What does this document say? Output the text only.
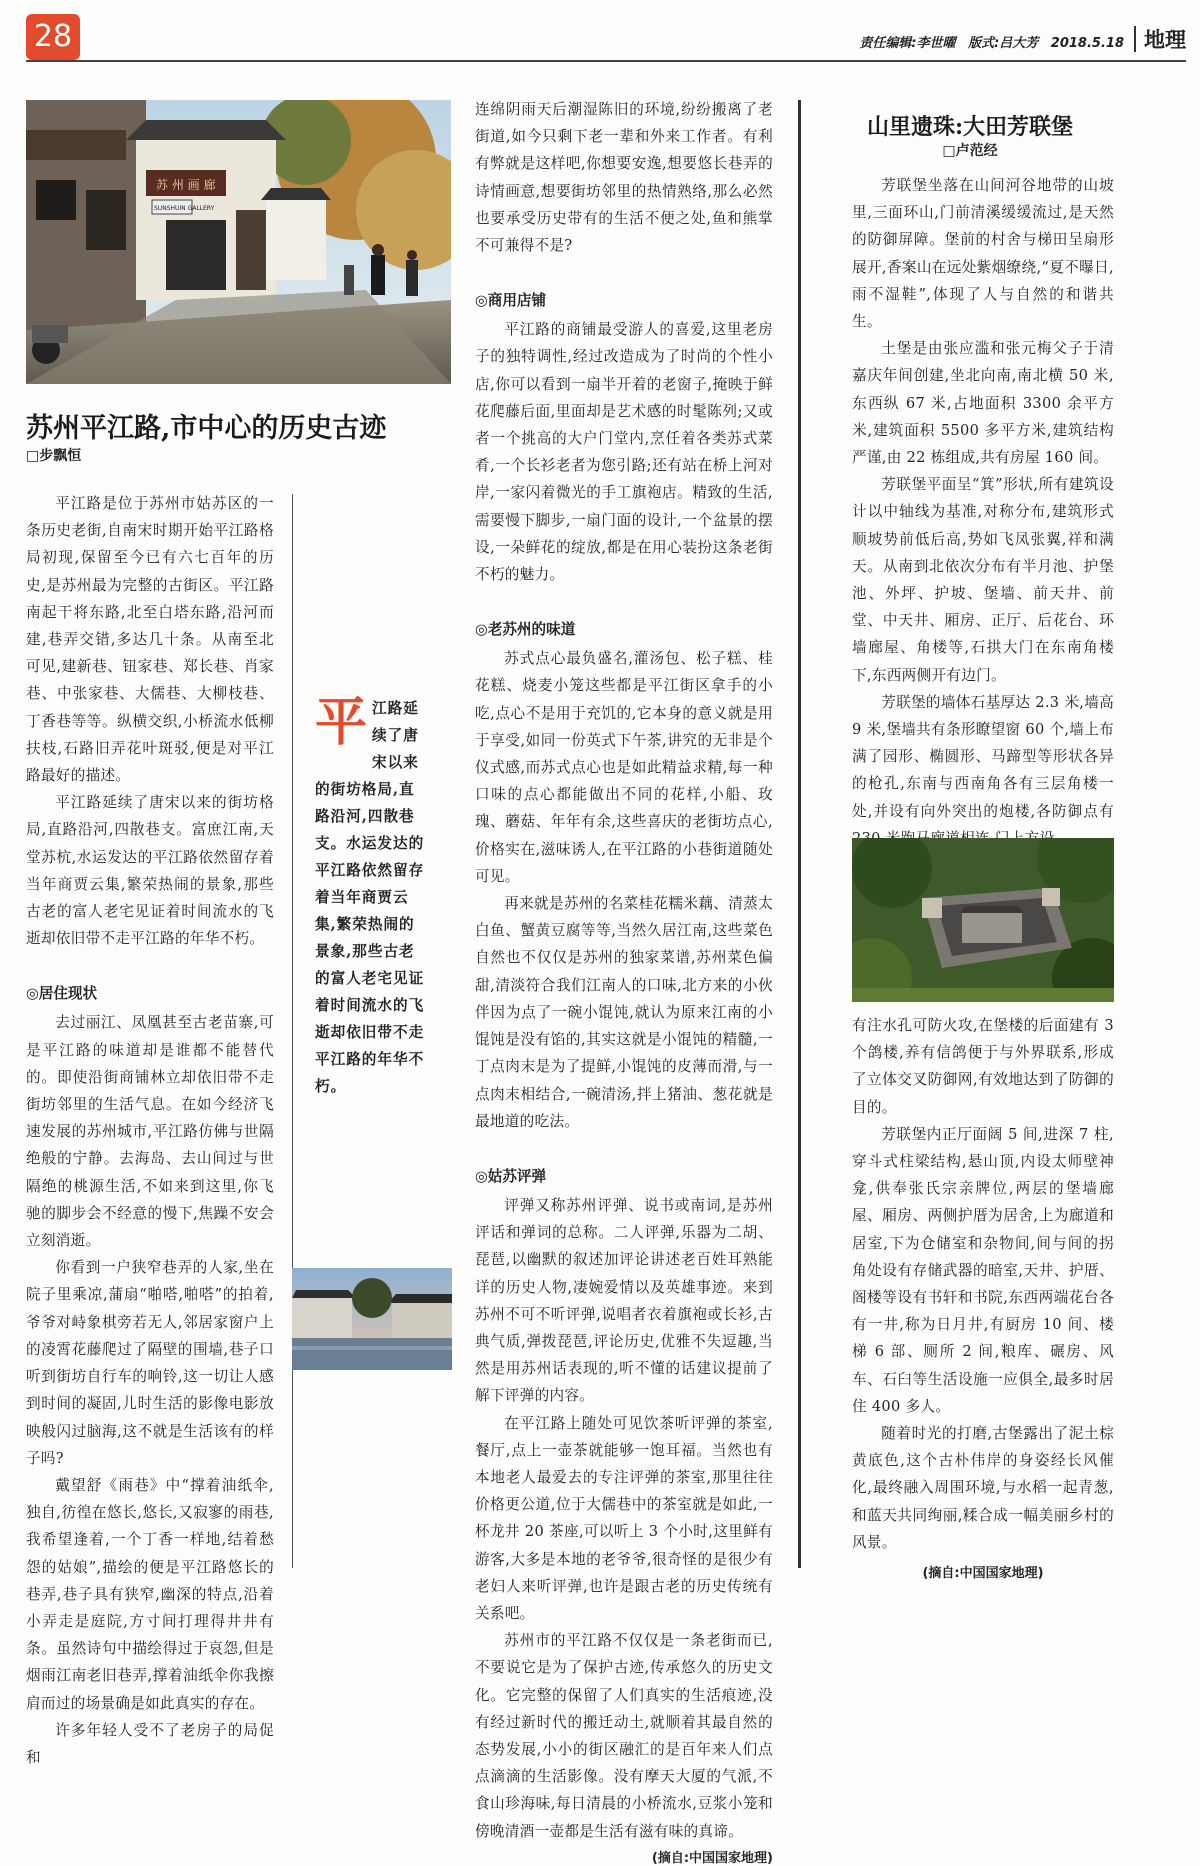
28	责任编辑:李世曜 版式:吕大芳 2018.5.18 地理
苏 州 画 廊
SUNSHUIN GALLERY
苏州平江路,市中心的历史古迹
□步飘恒

平江路是位于苏州市姑苏区的一条历史老街,自南宋时期开始平江路格局初现,保留至今已有六七百年的历史,是苏州最为完整的古街区。平江路南起干将东路,北至白塔东路,沿河而建,巷弄交错,多达几十条。从南至北可见,建新巷、钮家巷、郑长巷、肖家巷、中张家巷、大儒巷、大柳枝巷、丁香巷等等。纵横交织,小桥流水低柳扶枝,石路旧弄花叶斑驳,便是对平江路最好的描述。

平江路延续了唐宋以来的街坊格局,直路沿河,四散巷支。富庶江南,天堂苏杭,水运发达的平江路依然留存着当年商贾云集,繁荣热闹的景象,那些古老的富人老宅见证着时间流水的飞逝却依旧带不走平江路的年华不朽。

◎居住现状

去过丽江、凤凰甚至古老苗寨,可是平江路的味道却是谁都不能替代的。即使沿街商铺林立却依旧带不走街坊邻里的生活气息。在如今经济飞速发展的苏州城市,平江路仿佛与世隔绝般的宁静。去海岛、去山间过与世隔绝的桃源生活,不如来到这里,你飞驰的脚步会不经意的慢下,焦躁不安会立刻消逝。

你看到一户狭窄巷弄的人家,坐在院子里乘凉,蒲扇“啪嗒,啪嗒”的拍着,爷爷对峙象棋旁若无人,邻居家窗户上的凌霄花藤爬过了隔壁的围墙,巷子口听到街坊自行车的响铃,这一切让人感到时间的凝固,儿时生活的影像电影放映般闪过脑海,这不就是生活该有的样子吗?

戴望舒《雨巷》中“撑着油纸伞,独自,彷徨在悠长,悠长,又寂寥的雨巷,我希望逢着,一个丁香一样地,结着愁怨的姑娘”,描绘的便是平江路悠长的巷弄,巷子具有狭窄,幽深的特点,沿着小弄走是庭院,方寸间打理得井井有条。虽然诗句中描绘得过于哀怨,但是烟雨江南老旧巷弄,撑着油纸伞你我擦肩而过的场景确是如此真实的存在。

许多年轻人受不了老房子的局促和

平 江路延续了唐宋以来的街坊格局,直路沿河,四散巷支。水运发达的平江路依然留存着当年商贾云集,繁荣热闹的景象,那些古老的富人老宅见证着时间流水的飞逝却依旧带不走平江路的年华不朽。

连绵阴雨天后潮湿陈旧的环境,纷纷搬离了老街道,如今只剩下老一辈和外来工作者。有利有弊就是这样吧,你想要安逸,想要悠长巷弄的诗情画意,想要街坊邻里的热情熟络,那么必然也要承受历史带有的生活不便之处,鱼和熊掌不可兼得不是?

◎商用店铺

平江路的商铺最受游人的喜爱,这里老房子的独特调性,经过改造成为了时尚的个性小店,你可以看到一扇半开着的老窗子,掩映于鲜花爬藤后面,里面却是艺术感的时髦陈列;又或者一个挑高的大户门堂内,烹任着各类苏式菜肴,一个长衫老者为您引路;还有站在桥上河对岸,一家闪着微光的手工旗袍店。精致的生活,需要慢下脚步,一扇门面的设计,一个盆景的摆设,一朵鲜花的绽放,都是在用心装扮这条老街不朽的魅力。

◎老苏州的味道

苏式点心最负盛名,灌汤包、松子糕、桂花糕、烧麦小笼这些都是平江街区拿手的小吃,点心不是用于充饥的,它本身的意义就是用于享受,如同一份英式下午茶,讲究的无非是个仪式感,而苏式点心也是如此精益求精,每一种口味的点心都能做出不同的花样,小船、玫瑰、蘑菇、年年有余,这些喜庆的老街坊点心,价格实在,滋味诱人,在平江路的小巷街道随处可见。

再来就是苏州的名菜桂花糯米藕、清蒸太白鱼、蟹黄豆腐等等,当然久居江南,这些菜色自然也不仅仅是苏州的独家菜谱,苏州菜色偏甜,清淡符合我们江南人的口味,北方来的小伙伴因为点了一碗小馄饨,就认为原来江南的小馄饨是没有馅的,其实这就是小馄饨的精髓,一丁点肉末是为了提鲜,小馄饨的皮薄而滑,与一点肉末相结合,一碗清汤,拌上猪油、葱花就是最地道的吃法。

◎姑苏评弹

评弹又称苏州评弹、说书或南词,是苏州评话和弹词的总称。二人评弹,乐器为二胡、琵琶,以幽默的叙述加评论讲述老百姓耳熟能详的历史人物,凄婉爱情以及英雄事迹。来到苏州不可不听评弹,说唱者衣着旗袍或长衫,古典气质,弹拨琵琶,评论历史,优雅不失逗趣,当然是用苏州话表现的,听不懂的话建议提前了解下评弹的内容。

在平江路上随处可见饮茶听评弹的茶室,餐厅,点上一壶茶就能够一饱耳福。当然也有本地老人最爱去的专注评弹的茶室,那里往往价格更公道,位于大儒巷中的茶室就是如此,一杯龙井 20 茶座,可以听上 3 个小时,这里鲜有游客,大多是本地的老爷爷,很奇怪的是很少有老妇人来听评弹,也许是跟古老的历史传统有关系吧。

苏州市的平江路不仅仅是一条老街而已,不要说它是为了保护古迹,传承悠久的历史文化。它完整的保留了人们真实的生活痕迹,没有经过新时代的搬迁动土,就顺着其最自然的态势发展,小小的街区融汇的是百年来人们点点滴滴的生活影像。没有摩天大厦的气派,不食山珍海味,每日清晨的小桥流水,豆浆小笼和傍晚清酒一壶都是生活有滋有味的真谛。

(摘自:中国国家地理)
山里遗珠:大田芳联堡
□卢范经

芳联堡坐落在山间河谷地带的山坡里,三面环山,门前清溪缓缓流过,是天然的防御屏障。堡前的村舍与梯田呈扇形展开,香案山在远处紫烟缭绕,“夏不曝日,雨不湿鞋”,体现了人与自然的和谐共生。

土堡是由张应滥和张元梅父子于清嘉庆年间创建,坐北向南,南北横 50 米,东西纵 67 米,占地面积 3300 余平方米,建筑面积 5500 多平方米,建筑结构严谨,由 22 栋组成,共有房屋 160 间。

芳联堡平面呈“箕”形状,所有建筑设计以中轴线为基准,对称分布,建筑形式顺坡势前低后高,势如飞凤张翼,祥和满天。从南到北依次分布有半月池、护堡池、外坪、护坡、堡墙、前天井、前堂、中天井、厢房、正厅、后花台、环墙廊屋、角楼等,石拱大门在东南角楼下,东西两侧开有边门。

芳联堡的墙体石基厚达 2.3 米,墙高 9 米,堡墙共有条形瞭望窗 60 个,墙上布满了园形、椭圆形、马蹄型等形状各异的枪孔,东南与西南角各有三层角楼一处,并设有向外突出的炮楼,各防御点有

有注水孔可防火攻,在堡楼的后面建有 3 个鸽楼,养有信鸽便于与外界联系,形成了立体交叉防御网,有效地达到了防御的目的。

芳联堡内正厅面阔 5 间,进深 7 柱,穿斗式柱梁结构,悬山顶,内设太师壁神龛,供奉张氏宗亲牌位,两层的堡墙廊屋、厢房、两侧护厝为居舍,上为廊道和居室,下为仓储室和杂物间,间与间的拐角处设有存储武器的暗室,天井、护厝、阁楼等设有书轩和书院,东西两端花台各有一井,称为日月井,有厨房 10 间、楼梯 6 部、厕所 2 间,粮库、碾房、风车、石臼等生活设施一应俱全,最多时居住 400 多人。

随着时光的打磨,古堡露出了泥土棕黄底色,这个古朴伟岸的身姿经长风催化,最终融入周围环境,与水稻一起青葱,和蓝天共同绚丽,糅合成一幅美丽乡村的风景。

(摘自:中国国家地理)
